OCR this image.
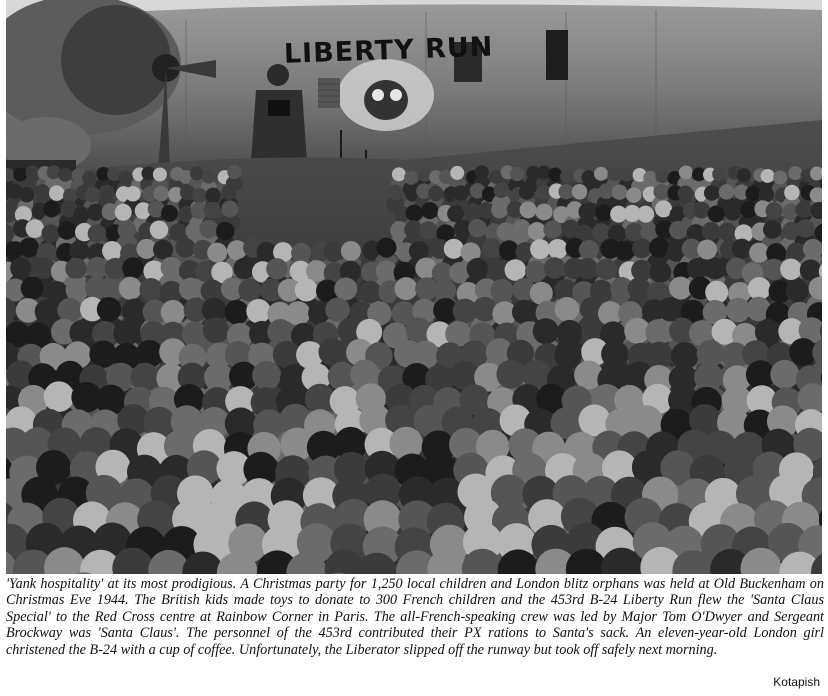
LIBERTY RUN

'Yank hospitality' at its most prodigious. A Christmas party for 1,250 local children and London blitz orphans was held at Old Buckenham on Christmas Eve 1944. The British kids made toys to donate to 300 French children and the 453rd B-24 Liberty Run flew the 'Santa Claus Special' to the Red Cross centre at Rainbow Corner in Paris. The all-French-speaking crew was led by Major Tom O'Dwyer and Sergeant Brockway was 'Santa Claus'. The personnel of the 453rd contributed their PX rations to Santa's sack. An eleven-year-old London girl christened the B-24 with a cup of coffee. Unfortunately, the Liberator slipped off the runway but took off safely next morning.

Kotapish
